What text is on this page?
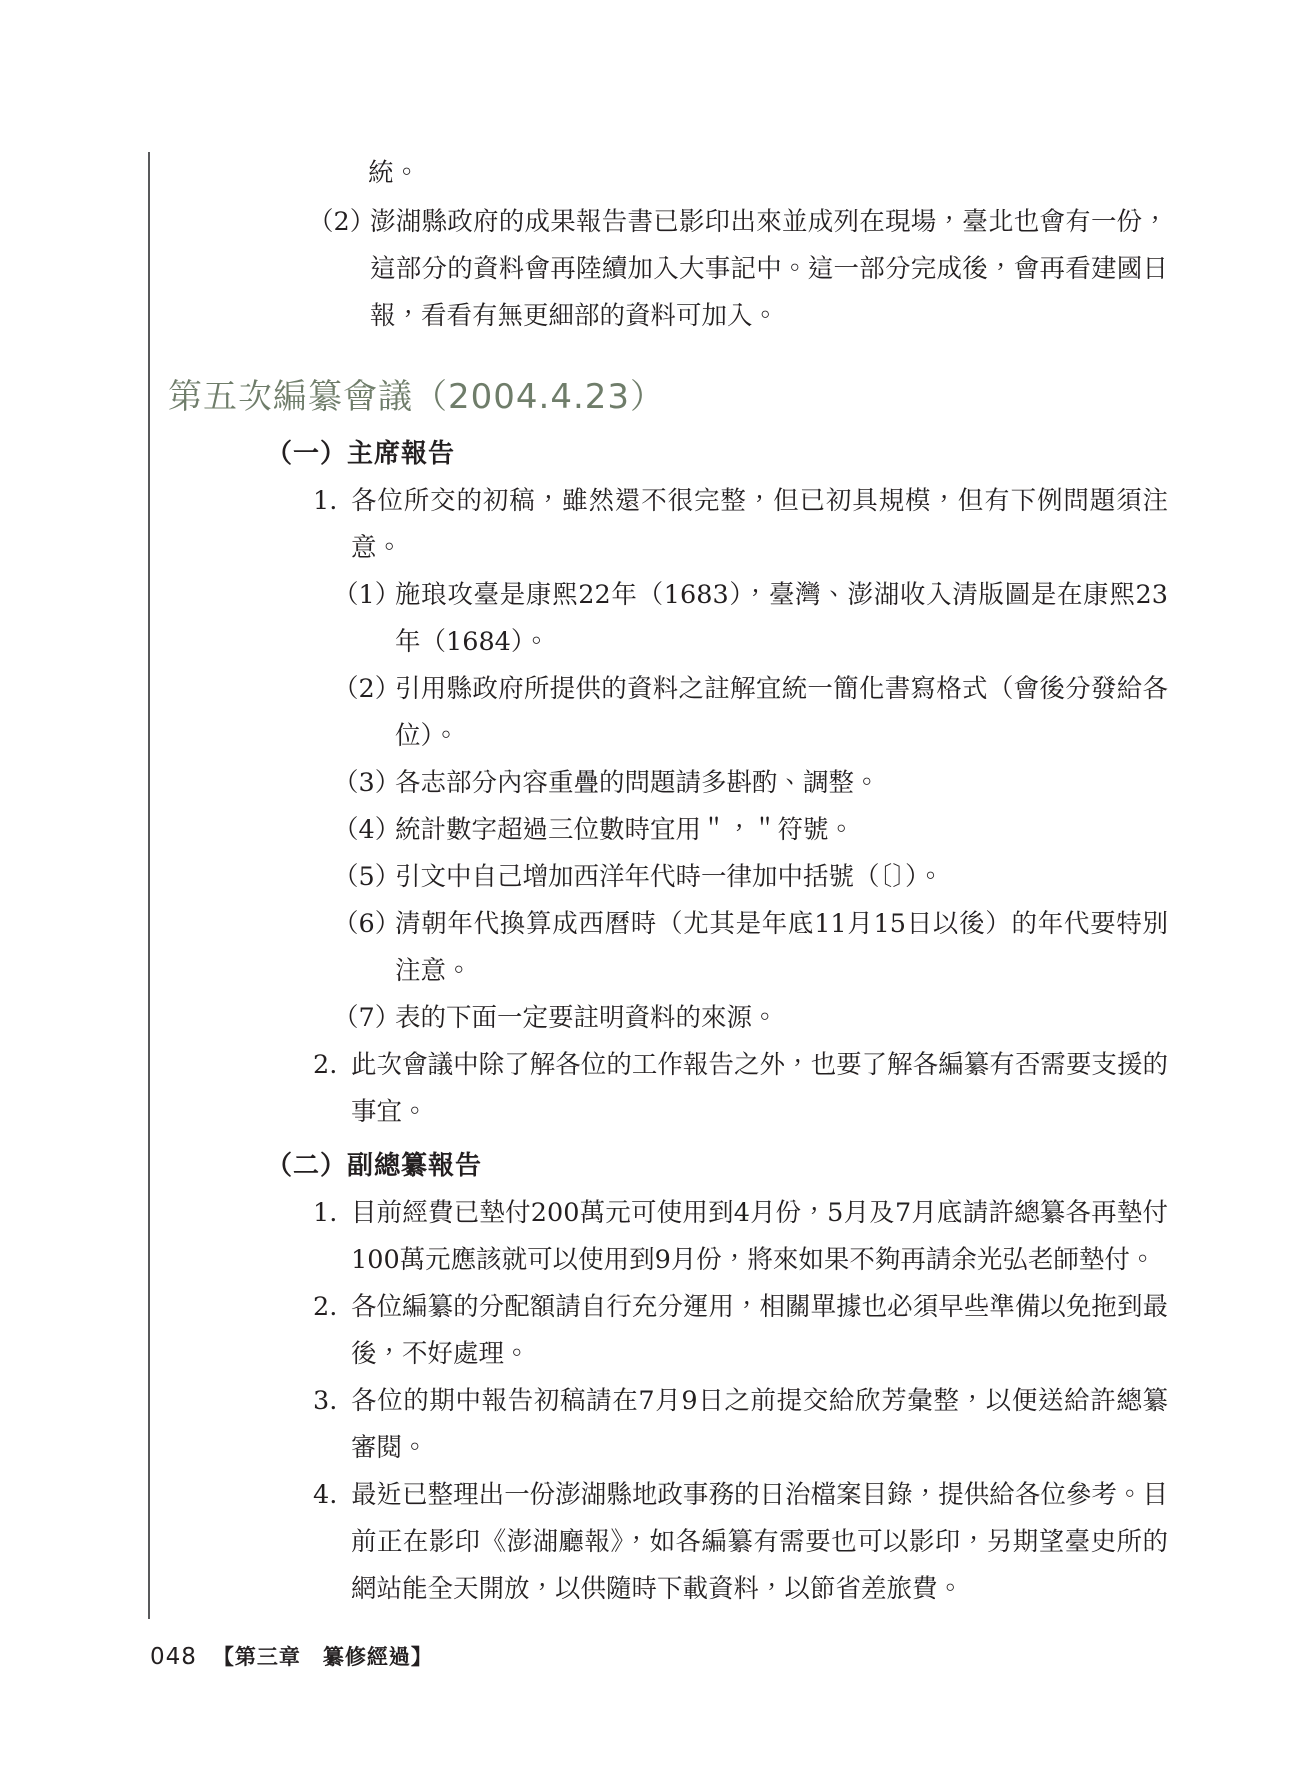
統。
（2）
澎湖縣政府的成果報告書已影印出來並成列在現場，臺北也會有一份，這部分的資料會再陸續加入大事記中。這一部分完成後，會再看建國日報，看看有無更細部的資料可加入。
第五次編纂會議（2004.4.23）
（一）主席報告
1. 各位所交的初稿，雖然還不很完整，但已初具規模，但有下例問題須注意。
（1）
施琅攻臺是康熙22年（1683），臺灣、澎湖收入清版圖是在康熙23年（1684）。
（2）
引用縣政府所提供的資料之註解宜統一簡化書寫格式（會後分發給各位）。
（3）
各志部分內容重疊的問題請多斟酌、調整。
（4）
統計數字超過三位數時宜用＂，＂符號。
（5）
引文中自己增加西洋年代時一律加中括號（〔〕）。
（6）
清朝年代換算成西曆時（尤其是年底11月15日以後）的年代要特別注意。
（7）
表的下面一定要註明資料的來源。
2. 此次會議中除了解各位的工作報告之外，也要了解各編纂有否需要支援的事宜。
（二）副總纂報告
1. 目前經費已墊付200萬元可使用到4月份，5月及7月底請許總纂各再墊付100萬元應該就可以使用到9月份，將來如果不夠再請余光弘老師墊付。
2. 各位編纂的分配額請自行充分運用，相關單據也必須早些準備以免拖到最後，不好處理。
3. 各位的期中報告初稿請在7月9日之前提交給欣芳彙整，以便送給許總纂審閱。
4. 最近已整理出一份澎湖縣地政事務的日治檔案目錄，提供給各位參考。目前正在影印《澎湖廳報》，如各編纂有需要也可以影印，另期望臺史所的網站能全天開放，以供隨時下載資料，以節省差旅費。
048 【第三章　纂修經過】
